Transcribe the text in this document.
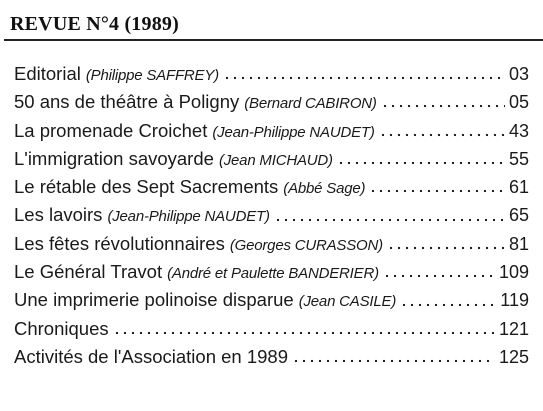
REVUE N°4 (1989)
Editorial (Philippe SAFFREY)	03
50 ans de théâtre à Poligny (Bernard CABIRON)	05
La promenade Croichet (Jean-Philippe NAUDET)	43
L'immigration savoyarde (Jean MICHAUD)	55
Le rétable des Sept Sacrements (Abbé Sage)	61
Les lavoirs (Jean-Philippe NAUDET)	65
Les fêtes révolutionnaires (Georges CURASSON)	81
Le Général Travot (André et Paulette BANDERIER)	109
Une imprimerie polinoise disparue (Jean CASILE)	119
Chroniques	121
Activités de l'Association en 1989	125
